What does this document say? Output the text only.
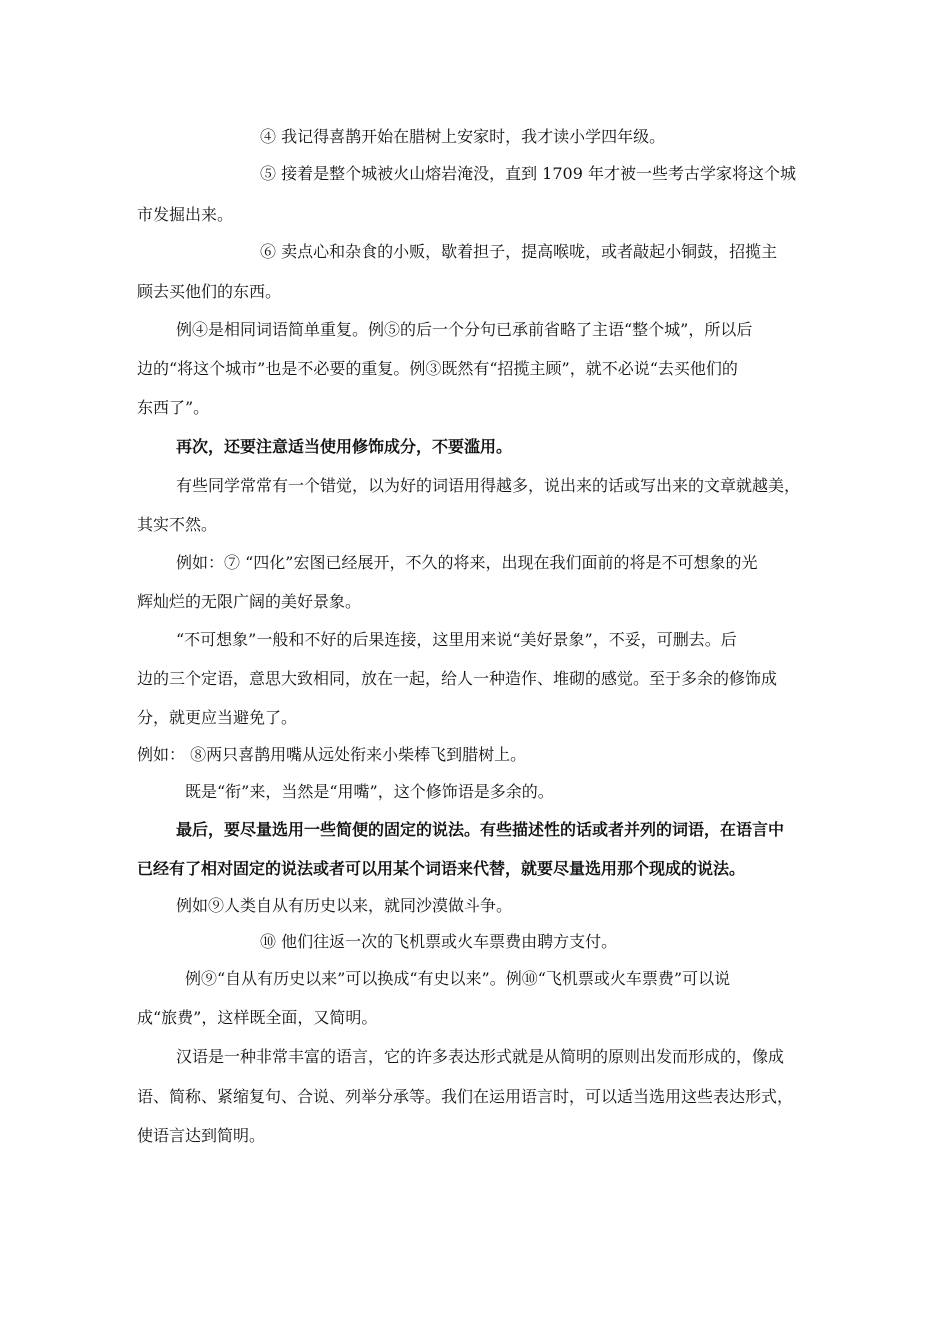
④ 我记得喜鹊开始在腊树上安家时，我才读小学四年级。
⑤ 接着是整个城被火山熔岩淹没，直到 1709 年才被一些考古学家将这个城
市发掘出来。
⑥ 卖点心和杂食的小贩，歇着担子，提高喉咙，或者敲起小铜鼓，招揽主
顾去买他们的东西。
例④是相同词语简单重复。例⑤的后一个分句已承前省略了主语“整个城”，所以后
边的“将这个城市”也是不必要的重复。例③既然有“招揽主顾”，就不必说“去买他们的
东西了”。
再次，还要注意适当使用修饰成分，不要滥用。
有些同学常常有一个错觉，以为好的词语用得越多，说出来的话或写出来的文章就越美，
其实不然。
例如：⑦ “四化”宏图已经展开，不久的将来，出现在我们面前的将是不可想象的光
辉灿烂的无限广阔的美好景象。
“不可想象”一般和不好的后果连接，这里用来说“美好景象”，不妥，可删去。后
边的三个定语，意思大致相同，放在一起，给人一种造作、堆砌的感觉。至于多余的修饰成
分，就更应当避免了。
例如： ⑧两只喜鹊用嘴从远处衔来小柴棒飞到腊树上。
既是“衔”来，当然是“用嘴”，这个修饰语是多余的。
最后，要尽量选用一些简便的固定的说法。有些描述性的话或者并列的词语，在语言中
已经有了相对固定的说法或者可以用某个词语来代替，就要尽量选用那个现成的说法。
例如⑨人类自从有历史以来，就同沙漠做斗争。
⑩ 他们往返一次的飞机票或火车票费由聘方支付。
例⑨“自从有历史以来”可以换成“有史以来”。例⑩“飞机票或火车票费”可以说
成“旅费”，这样既全面，又简明。
汉语是一种非常丰富的语言，它的许多表达形式就是从简明的原则出发而形成的，像成
语、简称、紧缩复句、合说、列举分承等。我们在运用语言时，可以适当选用这些表达形式，
使语言达到简明。
